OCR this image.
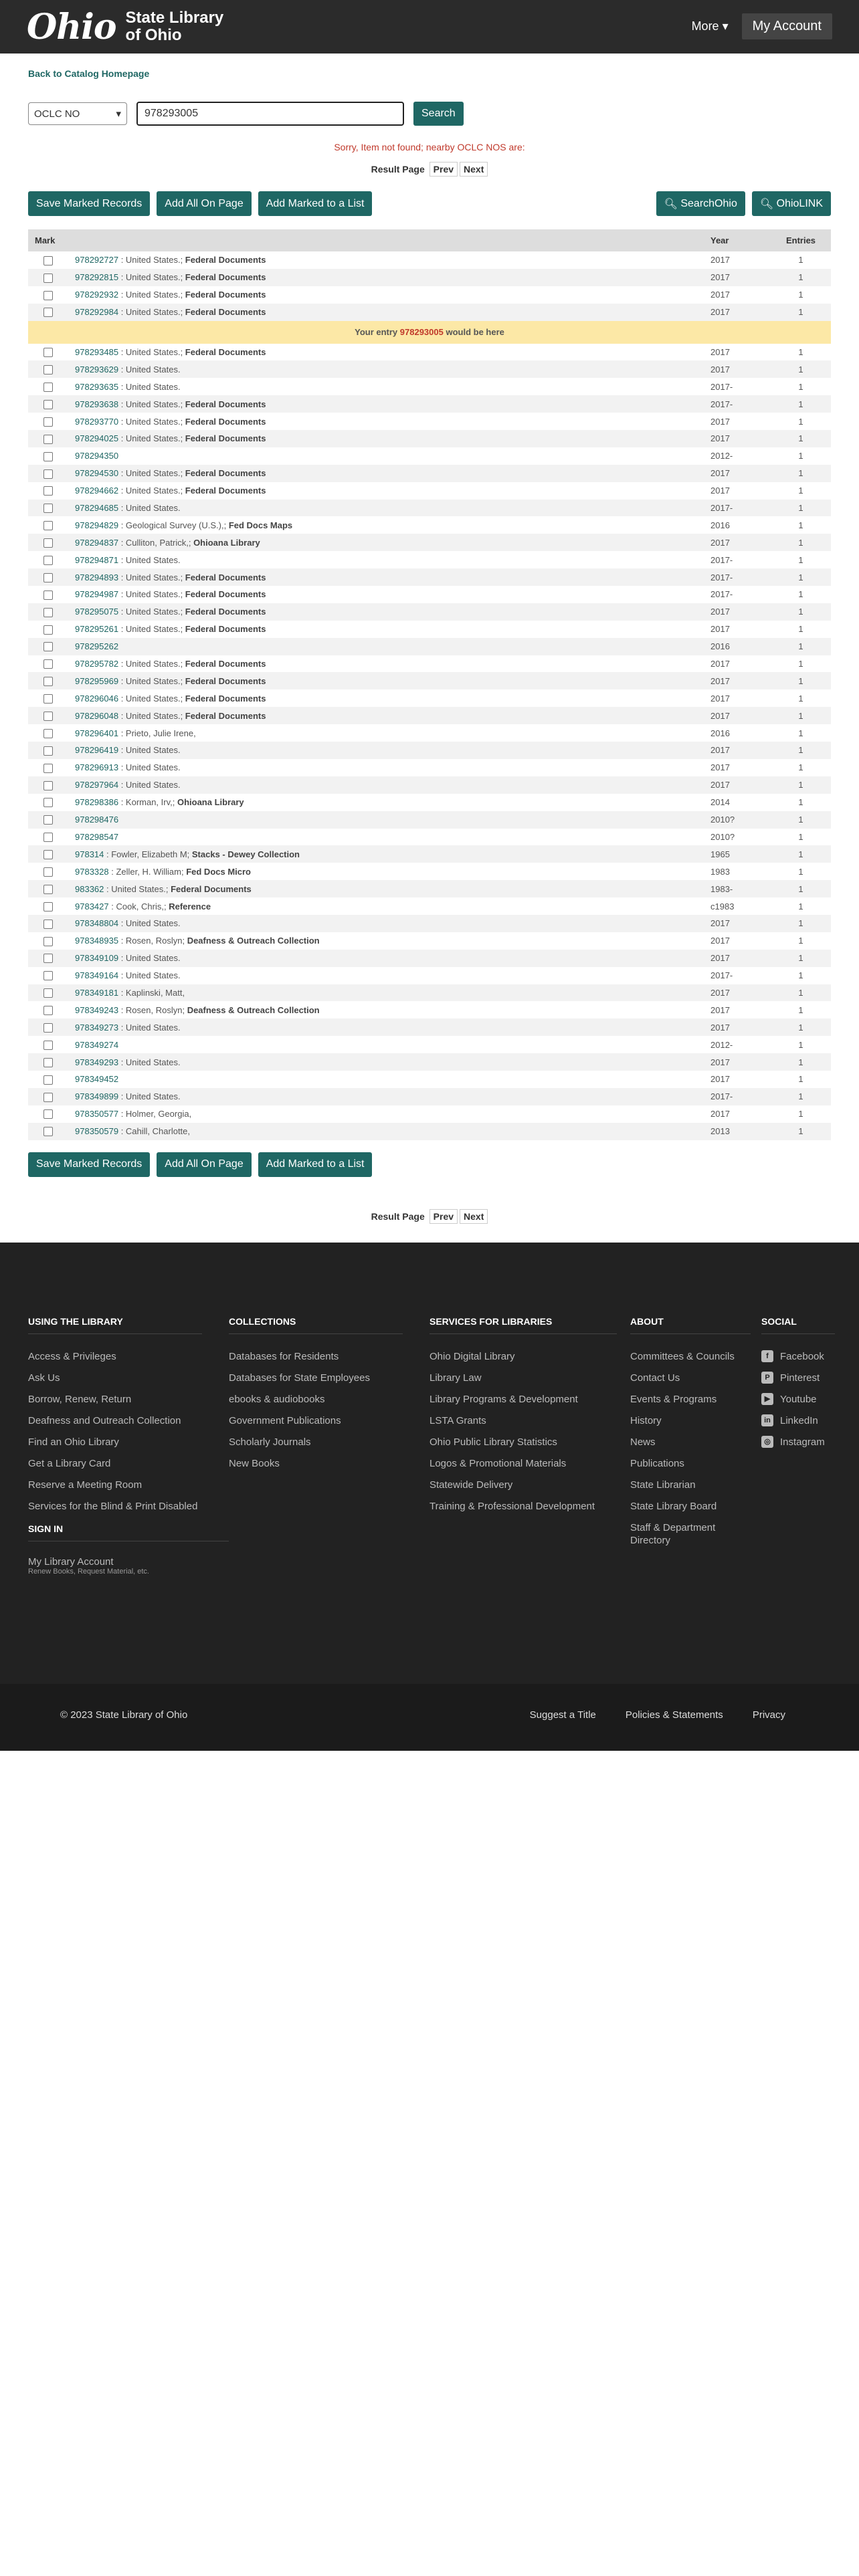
Ohio State Library
of Ohio	More ▾	My Account
Back to Catalog Homepage
OCLC NO	▾	978293005	Search
Sorry, Item not found; nearby OCLC NOS are:
Result Page Prev Next
Save Marked Records	Add All On Page	Add Marked to a List	🔍︎
SearchOhio 🔍︎
OhioLINK
Mark		Year	Entries
	978292727 : United States.; Federal Documents	2017	1
	978292815 : United States.; Federal Documents	2017	1
	978292932 : United States.; Federal Documents	2017	1
	978292984 : United States.; Federal Documents	2017	1
Your entry 978293005 would be here			
	978293485 : United States.; Federal Documents	2017	1
	978293629 : United States.	2017	1
	978293635 : United States.	2017-	1
	978293638 : United States.; Federal Documents	2017-	1
	978293770 : United States.; Federal Documents	2017	1
	978294025 : United States.; Federal Documents	2017	1
	978294350	2012-	1
	978294530 : United States.; Federal Documents	2017	1
	978294662 : United States.; Federal Documents	2017	1
	978294685 : United States.	2017-	1
	978294829 : Geological Survey (U.S.),; Fed Docs Maps	2016	1
	978294837 : Culliton, Patrick,; Ohioana Library	2017	1
	978294871 : United States.	2017-	1
	978294893 : United States.; Federal Documents	2017-	1
	978294987 : United States.; Federal Documents	2017-	1
	978295075 : United States.; Federal Documents	2017	1
	978295261 : United States.; Federal Documents	2017	1
	978295262	2016	1
	978295782 : United States.; Federal Documents	2017	1
	978295969 : United States.; Federal Documents	2017	1
	978296046 : United States.; Federal Documents	2017	1
	978296048 : United States.; Federal Documents	2017	1
	978296401 : Prieto, Julie Irene,	2016	1
	978296419 : United States.	2017	1
	978296913 : United States.	2017	1
	978297964 : United States.	2017	1
	978298386 : Korman, Irv,; Ohioana Library	2014	1
	978298476	2010?	1
	978298547	2010?	1
	978314 : Fowler, Elizabeth M; Stacks - Dewey Collection	1965	1
	9783328 : Zeller, H. William; Fed Docs Micro	1983	1
	983362 : United States.; Federal Documents	1983-	1
	9783427 : Cook, Chris,; Reference	c1983	1
	978348804 : United States.	2017	1
	978348935 : Rosen, Roslyn; Deafness & Outreach Collection	2017	1
	978349109 : United States.	2017	1
	978349164 : United States.	2017-	1
	978349181 : Kaplinski, Matt,	2017	1
	978349243 : Rosen, Roslyn; Deafness & Outreach Collection	2017	1
	978349273 : United States.	2017	1
	978349274	2012-	1
	978349293 : United States.	2017	1
	978349452	2017	1
	978349899 : United States.	2017-	1
	978350577 : Holmer, Georgia,	2017	1
	978350579 : Cahill, Charlotte,	2013	1
Save Marked Records	Add All On Page	Add Marked to a List
Result Page Prev Next
USING THE LIBRARY
Access & Privileges
Ask Us
Borrow, Renew, Return
Deafness and Outreach Collection
Find an Ohio Library
Get a Library Card
Reserve a Meeting Room
Services for the Blind & Print Disabled
COLLECTIONS
Databases for Residents
Databases for State Employees
ebooks & audiobooks
Government Publications
Scholarly Journals
New Books
SERVICES FOR LIBRARIES
Ohio Digital Library
Library Law
Library Programs & Development
LSTA Grants
Ohio Public Library Statistics
Logos & Promotional Materials
Statewide Delivery
Training & Professional Development
ABOUT
Committees & Councils
Contact Us
Events & Programs
History
News
Publications
State Librarian
State Library Board
Staff & Department Directory
SOCIAL
f	Facebook
P	Pinterest
▶ Youtube
in LinkedIn
◎ Instagram
SIGN IN
My Library Account
Renew Books, Request Material, etc.
© 2023 State Library of Ohio	Suggest a Title	Policies & Statements	Privacy
